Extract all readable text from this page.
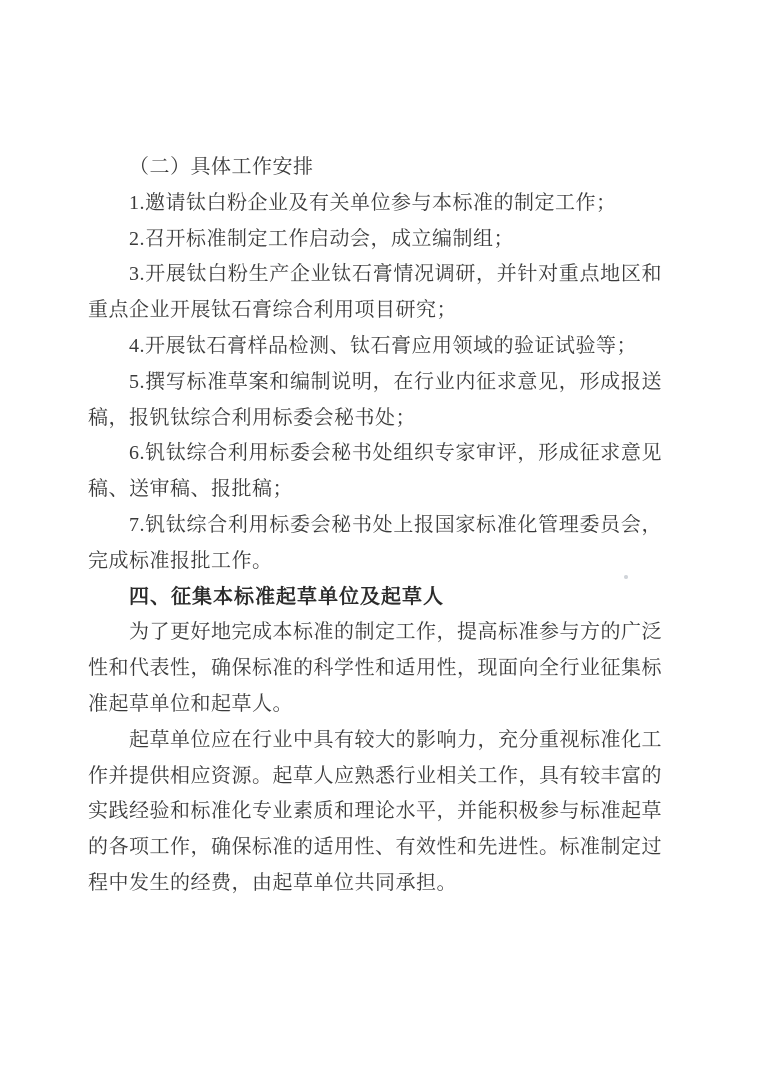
（二）具体工作安排
1.邀请钛白粉企业及有关单位参与本标准的制定工作；
2.召开标准制定工作启动会，成立编制组；
3.开展钛白粉生产企业钛石膏情况调研，并针对重点地区和
重点企业开展钛石膏综合利用项目研究；
4.开展钛石膏样品检测、钛石膏应用领域的验证试验等；
5.撰写标准草案和编制说明，在行业内征求意见，形成报送
稿，报钒钛综合利用标委会秘书处；
6.钒钛综合利用标委会秘书处组织专家审评，形成征求意见
稿、送审稿、报批稿；
7.钒钛综合利用标委会秘书处上报国家标准化管理委员会，
完成标准报批工作。
四、征集本标准起草单位及起草人
为了更好地完成本标准的制定工作，提高标准参与方的广泛
性和代表性，确保标准的科学性和适用性，现面向全行业征集标
准起草单位和起草人。
起草单位应在行业中具有较大的影响力，充分重视标准化工
作并提供相应资源。起草人应熟悉行业相关工作，具有较丰富的
实践经验和标准化专业素质和理论水平，并能积极参与标准起草
的各项工作，确保标准的适用性、有效性和先进性。标准制定过
程中发生的经费，由起草单位共同承担。
